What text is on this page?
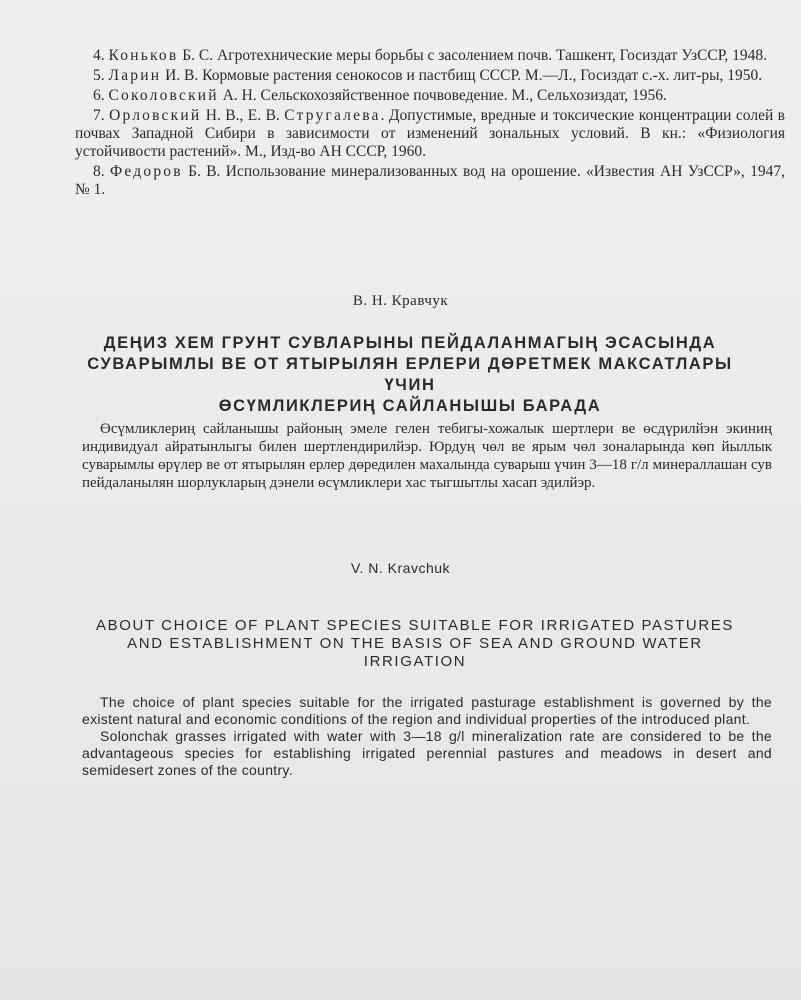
4. Коньков Б. С. Агротехнические меры борьбы с засолением почв. Ташкент, Госиздат УзССР, 1948.

5. Ларин И. В. Кормовые растения сенокосов и пастбищ СССР. М.—Л., Госиздат с.-х. лит-ры, 1950.

6. Соколовский А. Н. Сельскохозяйственное почвоведение. М., Сельхозиздат, 1956.

7. Орловский Н. В., Е. В. Стругалева. Допустимые, вредные и токсические концентрации солей в почвах Западной Сибири в зависимости от изменений зональных условий. В кн.: «Физиология устойчивости растений». М., Изд-во АН СССР, 1960.

8. Федоров Б. В. Использование минерализованных вод на орошение. «Известия АН УзССР», 1947, № 1.

В. Н. Кравчук
ДЕҢИЗ ХЕМ ГРУНТ СУВЛАРЫНЫ ПЕЙДАЛАНМАГЫҢ ЭСАСЫНДА
СУВАРЫМЛЫ ВЕ ОТ ЯТЫРЫЛЯН ЕРЛЕРИ ДӨРЕТМЕК МАКСАТЛАРЫ ҮЧИН
ӨСҮМЛИКЛЕРИҢ САЙЛАНЫШЫ БАРАДА

Өсүмликлериң сайланышы районың эмеле гелен тебигы-хожалык шертлери ве өсдүрилйэн экиниң индивидуал айратынлыгы билен шертлендирилйэр. Юрдуң чөл ве ярым чөл зоналарында көп йыллык суварымлы өрүлер ве от ятырылян ерлер дөредилен махалында суварыш үчин 3—18 г/л минераллашан сув пейдаланылян шорлукларың дэнели өсүмликлери хас тыгшытлы хасап эдилйэр.

V. N. Kravchuk
ABOUT CHOICE OF PLANT SPECIES SUITABLE FOR IRRIGATED PASTURES
AND ESTABLISHMENT ON THE BASIS OF SEA AND GROUND WATER
IRRIGATION

The choice of plant species suitable for the irrigated pasturage establishment is governed by the existent natural and economic conditions of the region and individual properties of the introduced plant.

Solonchak grasses irrigated with water with 3—18 g/l mineralization rate are considered to be the advantageous species for establishing irrigated perennial pastures and meadows in desert and semidesert zones of the country.
